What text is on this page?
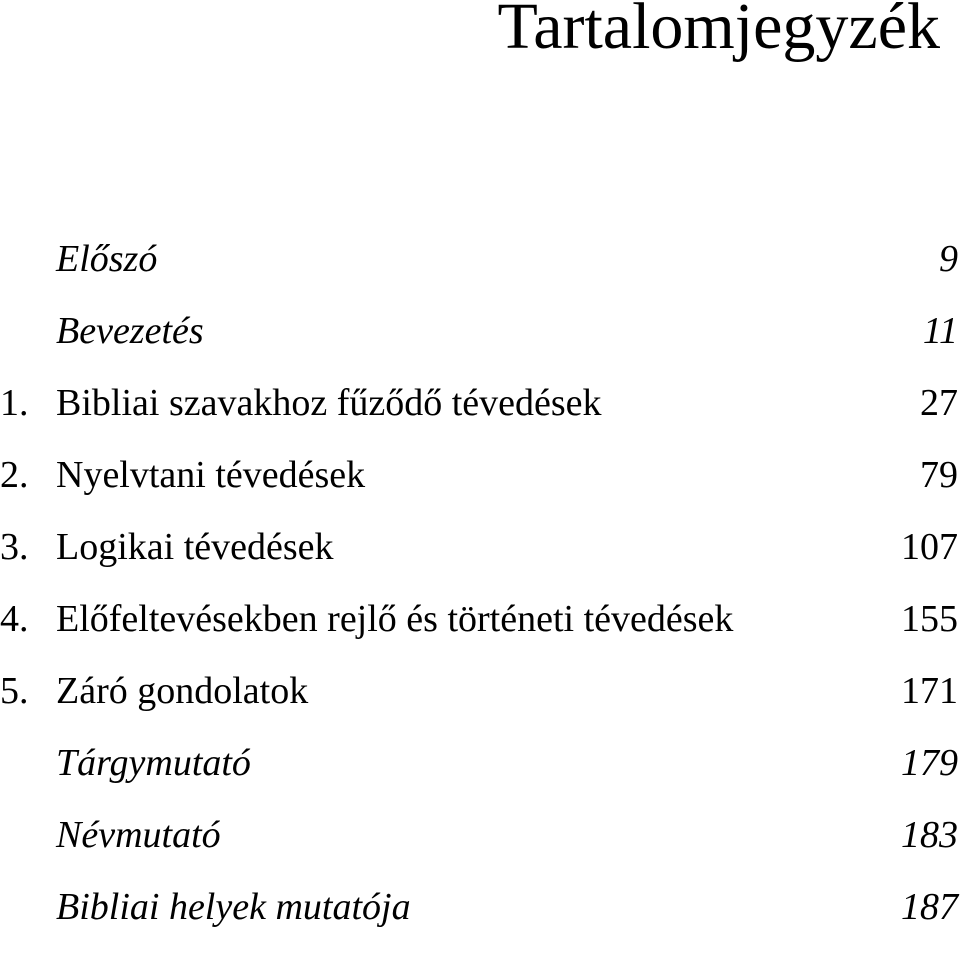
Tartalomjegyzék
Előszó	9
Bevezetés	11
1. Bibliai szavakhoz fűződő tévedések	27
2. Nyelvtani tévedések	79
3. Logikai tévedések	107
4. Előfeltevésekben rejlő és történeti tévedések	155
5. Záró gondolatok	171
Tárgymutató	179
Névmutató	183
Bibliai helyek mutatója	187
